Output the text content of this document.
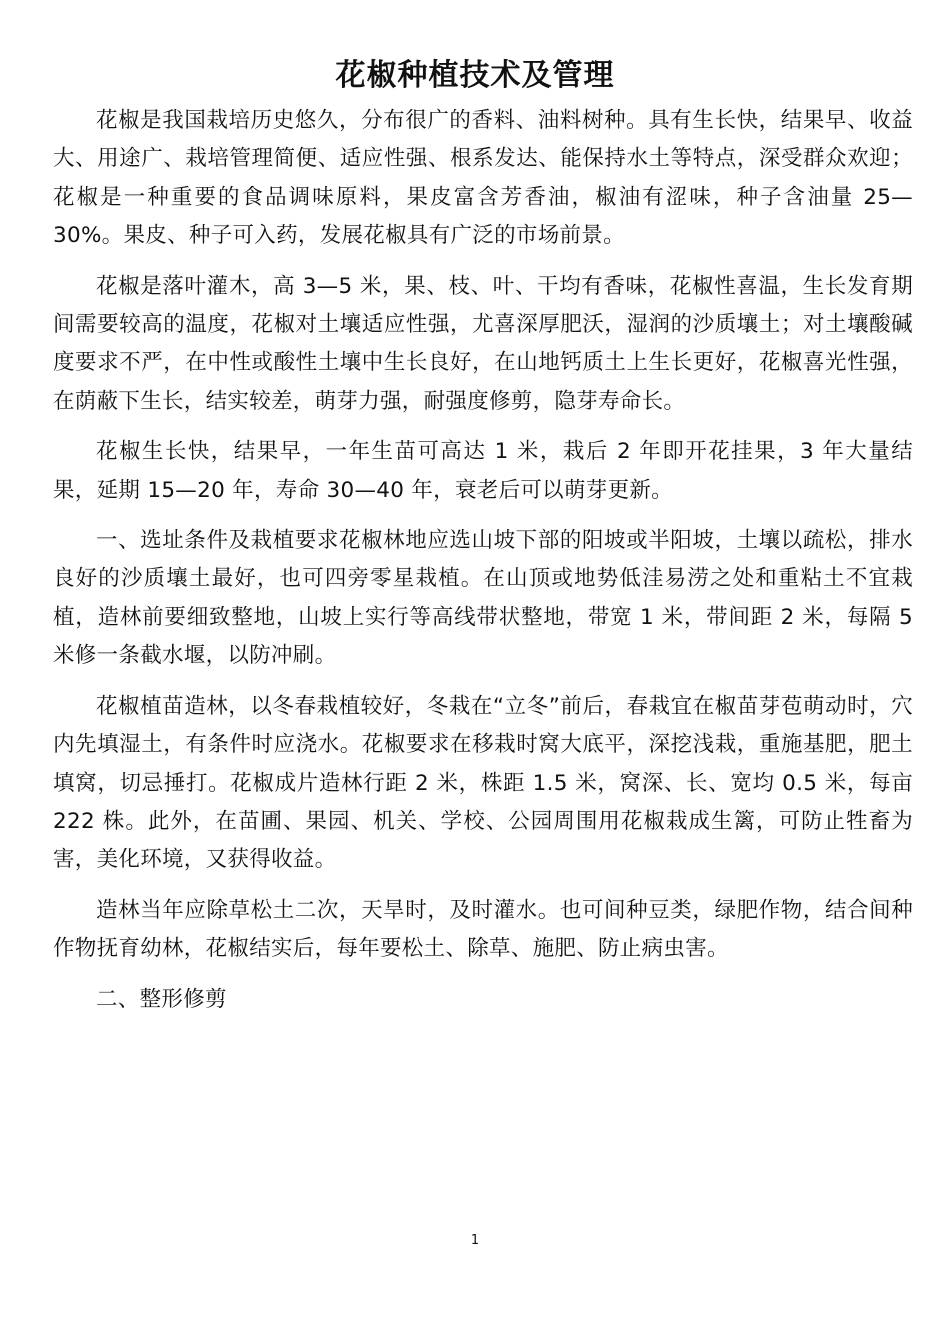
花椒种植技术及管理

花椒是我国栽培历史悠久，分布很广的香料、油料树种。具有生长快，结果早、收益大、用途广、栽培管理简便、适应性强、根系发达、能保持水土等特点，深受群众欢迎；花椒是一种重要的食品调味原料，果皮富含芳香油，椒油有涩味，种子含油量 25—30%。果皮、种子可入药，发展花椒具有广泛的市场前景。

花椒是落叶灌木，高 3—5 米，果、枝、叶、干均有香味，花椒性喜温，生长发育期间需要较高的温度，花椒对土壤适应性强，尤喜深厚肥沃，湿润的沙质壤土；对土壤酸碱度要求不严，在中性或酸性土壤中生长良好，在山地钙质土上生长更好，花椒喜光性强，在荫蔽下生长，结实较差，萌芽力强，耐强度修剪，隐芽寿命长。

花椒生长快，结果早，一年生苗可高达 1 米，栽后 2 年即开花挂果，3 年大量结果，延期 15—20 年，寿命 30—40 年，衰老后可以萌芽更新。

一、选址条件及栽植要求花椒林地应选山坡下部的阳坡或半阳坡，土壤以疏松，排水良好的沙质壤土最好，也可四旁零星栽植。在山顶或地势低洼易涝之处和重粘土不宜栽植，造林前要细致整地，山坡上实行等高线带状整地，带宽 1 米，带间距 2 米，每隔 5 米修一条截水堰，以防冲刷。

花椒植苗造林，以冬春栽植较好，冬栽在“立冬”前后，春栽宜在椒苗芽苞萌动时，穴内先填湿土，有条件时应浇水。花椒要求在移栽时窝大底平，深挖浅栽，重施基肥，肥土填窝，切忌捶打。花椒成片造林行距 2 米，株距 1.5 米，窝深、长、宽均 0.5 米，每亩 222 株。此外，在苗圃、果园、机关、学校、公园周围用花椒栽成生篱，可防止牲畜为害，美化环境，又获得收益。

造林当年应除草松土二次，天旱时，及时灌水。也可间种豆类，绿肥作物，结合间种作物抚育幼林，花椒结实后，每年要松土、除草、施肥、防止病虫害。

二、整形修剪

1
